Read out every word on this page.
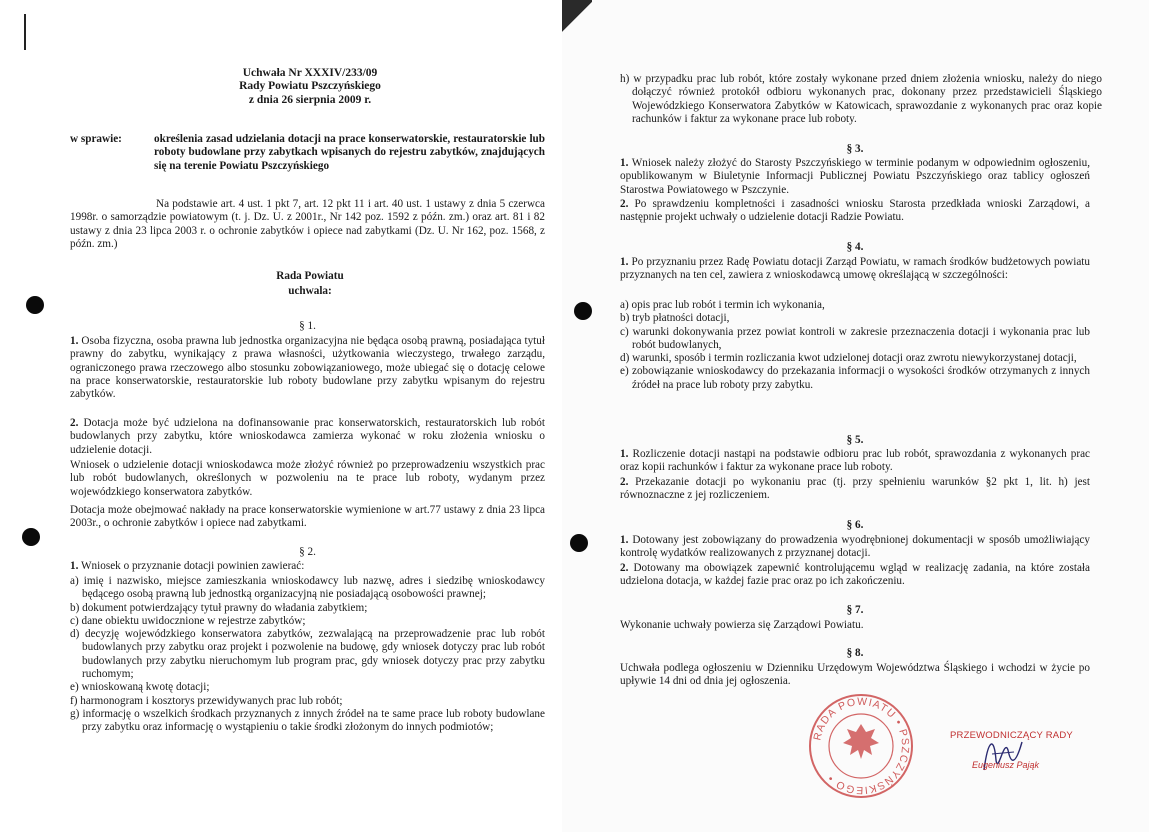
Uchwała Nr XXXIV/233/09
Rady Powiatu Pszczyńskiego
z dnia 26 sierpnia 2009 r.
w sprawie:	określenia zasad udzielania dotacji na prace konserwatorskie, restauratorskie lub roboty budowlane przy zabytkach wpisanych do rejestru zabytków, znajdujących się na terenie Powiatu Pszczyńskiego
Na podstawie art. 4 ust. 1 pkt 7, art. 12 pkt 11 i art. 40 ust. 1 ustawy z dnia 5 czerwca 1998r. o samorządzie powiatowym (t. j. Dz. U. z 2001r., Nr 142 poz. 1592 z późn. zm.) oraz art. 81 i 82 ustawy z dnia 23 lipca 2003 r. o ochronie zabytków i opiece nad zabytkami (Dz. U. Nr 162, poz. 1568, z późn. zm.)
Rada Powiatu
uchwala:
§ 1.
1. Osoba fizyczna, osoba prawna lub jednostka organizacyjna nie będąca osobą prawną, posiadająca tytuł prawny do zabytku, wynikający z prawa własności, użytkowania wieczystego, trwałego zarządu, ograniczonego prawa rzeczowego albo stosunku zobowiązaniowego, może ubiegać się o dotację celowe na prace konserwatorskie, restauratorskie lub roboty budowlane przy zabytku wpisanym do rejestru zabytków.
2. Dotacja może być udzielona na dofinansowanie prac konserwatorskich, restauratorskich lub robót budowlanych przy zabytku, które wnioskodawca zamierza wykonać w roku złożenia wniosku o udzielenie dotacji.
Wniosek o udzielenie dotacji wnioskodawca może złożyć również po przeprowadzeniu wszystkich prac lub robót budowlanych, określonych w pozwoleniu na te prace lub roboty, wydanym przez wojewódzkiego konserwatora zabytków.
Dotacja może obejmować nakłady na prace konserwatorskie wymienione w art.77 ustawy z dnia 23 lipca 2003r., o ochronie zabytków i opiece nad zabytkami.
§ 2.
1. Wniosek o przyznanie dotacji powinien zawierać:

a) imię i nazwisko, miejsce zamieszkania wnioskodawcy lub nazwę, adres i siedzibę wnioskodawcy będącego osobą prawną lub jednostką organizacyjną nie posiadającą osobowości prawnej;

b) dokument potwierdzający tytuł prawny do władania zabytkiem;

c) dane obiektu uwidocznione w rejestrze zabytków;

d) decyzję wojewódzkiego konserwatora zabytków, zezwalającą na przeprowadzenie prac lub robót budowlanych przy zabytku oraz projekt i pozwolenie na budowę, gdy wniosek dotyczy prac lub robót budowlanych przy zabytku nieruchomym lub program prac, gdy wniosek dotyczy prac przy zabytku ruchomym;

e) wnioskowaną kwotę dotacji;

f) harmonogram i kosztorys przewidywanych prac lub robót;

g) informację o wszelkich środkach przyznanych z innych źródeł na te same prace lub roboty budowlane przy zabytku oraz informację o wystąpieniu o takie środki złożonym do innych podmiotów;

h) w przypadku prac lub robót, które zostały wykonane przed dniem złożenia wniosku, należy do niego dołączyć również protokół odbioru wykonanych prac, dokonany przez przedstawicieli Śląskiego Wojewódzkiego Konserwatora Zabytków w Katowicach, sprawozdanie z wykonanych prac oraz kopie rachunków i faktur za wykonane prace lub roboty.
§ 3.
1. Wniosek należy złożyć do Starosty Pszczyńskiego w terminie podanym w odpowiednim ogłoszeniu, opublikowanym w Biuletynie Informacji Publicznej Powiatu Pszczyńskiego oraz tablicy ogłoszeń Starostwa Powiatowego w Pszczynie.
2. Po sprawdzeniu kompletności i zasadności wniosku Starosta przedkłada wnioski Zarządowi, a następnie projekt uchwały o udzielenie dotacji Radzie Powiatu.
§ 4.
1. Po przyznaniu przez Radę Powiatu dotacji Zarząd Powiatu, w ramach środków budżetowych powiatu przyznanych na ten cel, zawiera z wnioskodawcą umowę określającą w szczególności:

a) opis prac lub robót i termin ich wykonania,

b) tryb płatności dotacji,

c) warunki dokonywania przez powiat kontroli w zakresie przeznaczenia dotacji i wykonania prac lub robót budowlanych,

d) warunki, sposób i termin rozliczania kwot udzielonej dotacji oraz zwrotu niewykorzystanej dotacji,

e) zobowiązanie wnioskodawcy do przekazania informacji o wysokości środków otrzymanych z innych źródeł na prace lub roboty przy zabytku.

§ 5.
1. Rozliczenie dotacji nastąpi na podstawie odbioru prac lub robót, sprawozdania z wykonanych prac oraz kopii rachunków i faktur za wykonane prace lub roboty.
2. Przekazanie dotacji po wykonaniu prac (tj. przy spełnieniu warunków §2 pkt 1, lit. h) jest równoznaczne z jej rozliczeniem.
§ 6.
1. Dotowany jest zobowiązany do prowadzenia wyodrębnionej dokumentacji w sposób umożliwiający kontrolę wydatków realizowanych z przyznanej dotacji.
2. Dotowany ma obowiązek zapewnić kontrolującemu wgląd w realizację zadania, na które została udzielona dotacja, w każdej fazie prac oraz po ich zakończeniu.
§ 7.
Wykonanie uchwały powierza się Zarządowi Powiatu.
§ 8.
Uchwała podlega ogłoszeniu w Dzienniku Urzędowym Województwa Śląskiego i wchodzi w życie po upływie 14 dni od dnia jej ogłoszenia.
RADA POWIATU • PSZCZYŃSKIEGO •
PRZEWODNICZĄCY RADY
Eugeniusz Pająk
